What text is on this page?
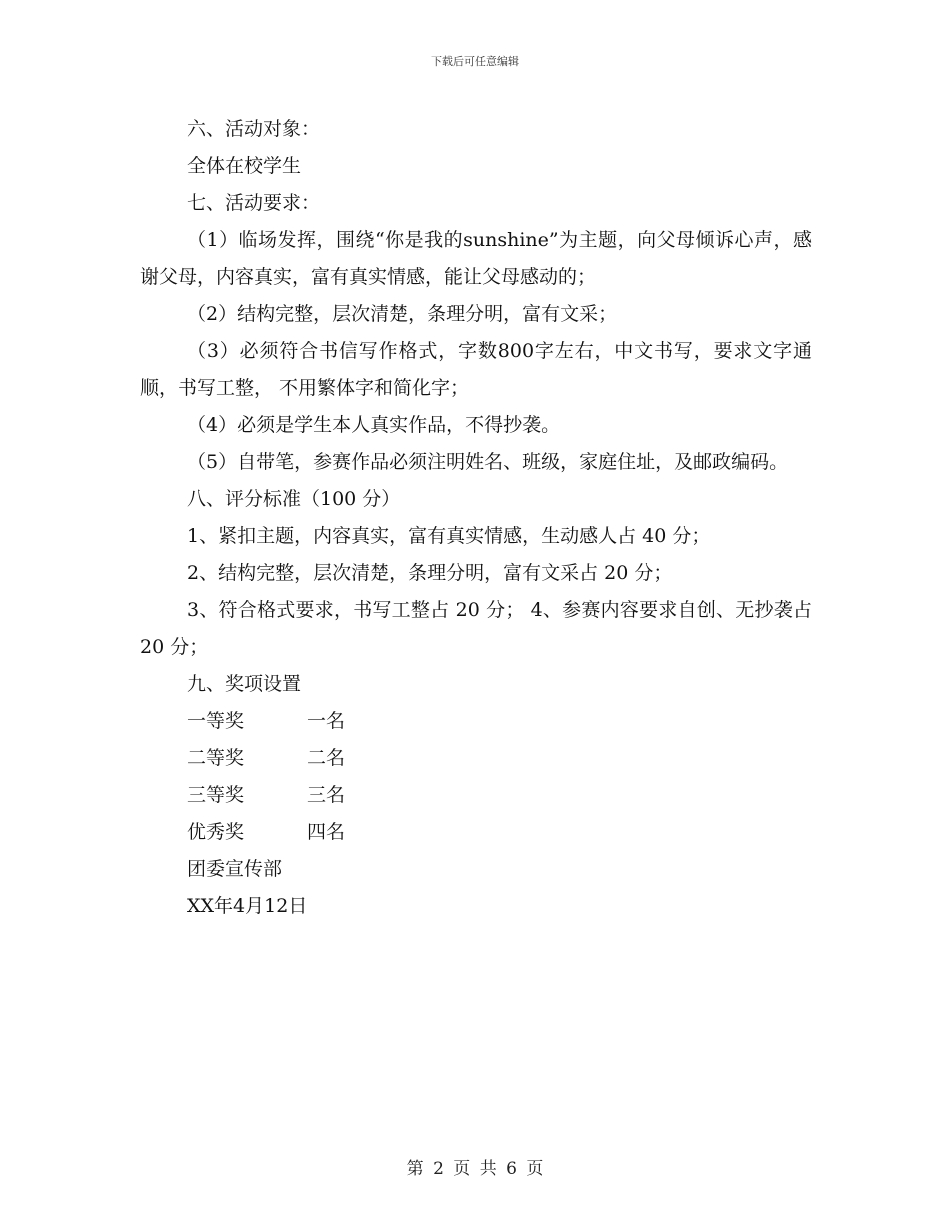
下载后可任意编辑

六、活动对象：

全体在校学生

七、活动要求：

（1）临场发挥，围绕“你是我的sunshine”为主题，向父母倾诉心声，感谢父母，内容真实，富有真实情感，能让父母感动的；

（2）结构完整，层次清楚，条理分明，富有文采；

（3）必须符合书信写作格式，字数800字左右，中文书写，要求文字通顺，书写工整， 不用繁体字和简化字；

（4）必须是学生本人真实作品，不得抄袭。

（5）自带笔，参赛作品必须注明姓名、班级，家庭住址，及邮政编码。

八、评分标准（100 分）

1、紧扣主题，内容真实，富有真实情感，生动感人占 40 分；

2、结构完整，层次清楚，条理分明，富有文采占 20 分；

3、符合格式要求，书写工整占 20 分； 4、参赛内容要求自创、无抄袭占 20 分；

九、奖项设置

一等奖	一名
二等奖	二名
三等奖	三名
优秀奖	四名

团委宣传部

XX年4月12日

第 2 页 共 6 页
